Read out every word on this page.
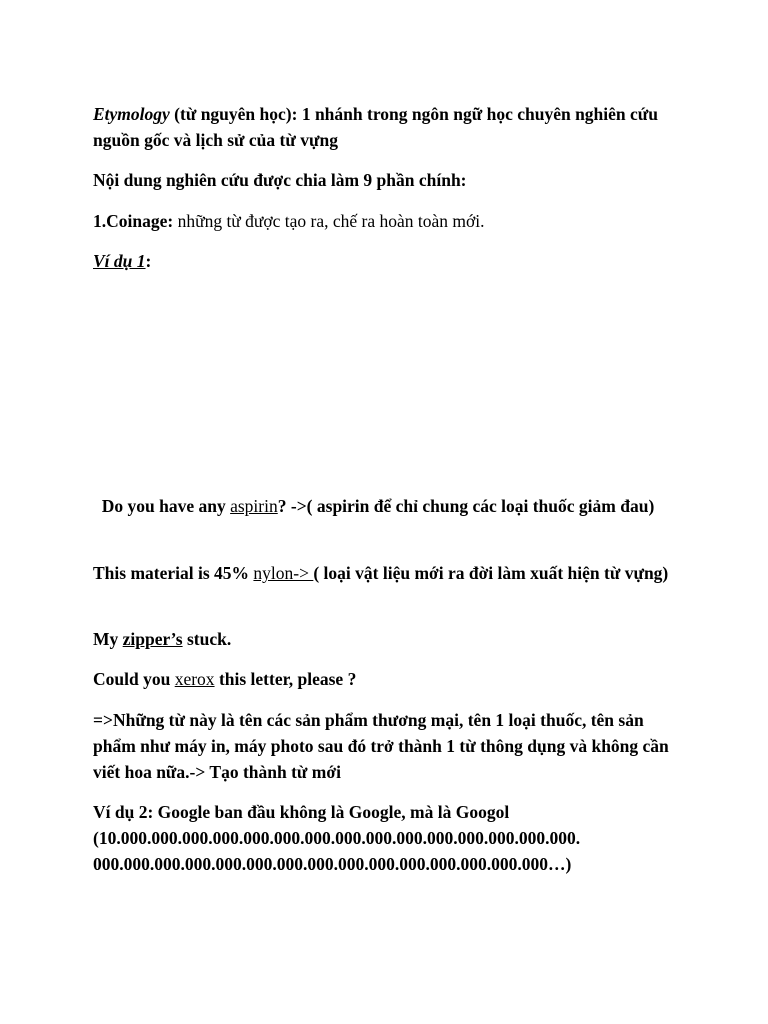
Etymology (từ nguyên học): 1 nhánh trong ngôn ngữ học chuyên nghiên cứu nguồn gốc và lịch sử của từ vựng

Nội dung nghiên cứu được chia làm 9 phần chính:

1.Coinage: những từ được tạo ra, chế ra hoàn toàn mới.

Ví dụ 1:

Do you have any aspirin? ->( aspirin để chỉ chung các loại thuốc giảm đau)

This material is 45% nylon-> ( loại vật liệu mới ra đời làm xuất hiện từ vựng)

My zipper’s stuck.

Could you xerox this letter, please ?

=>Những từ này là tên các sản phẩm thương mại, tên 1 loại thuốc, tên sản phẩm như máy in, máy photo sau đó trở thành 1 từ thông dụng và không cần viết hoa nữa.-> Tạo thành từ mới

Ví dụ 2: Google ban đầu không là Google, mà là Googol
(10.000.000.000.000.000.000.000.000.000.000.000.000.000.000.000.
000.000.000.000.000.000.000.000.000.000.000.000.000.000.000…)
